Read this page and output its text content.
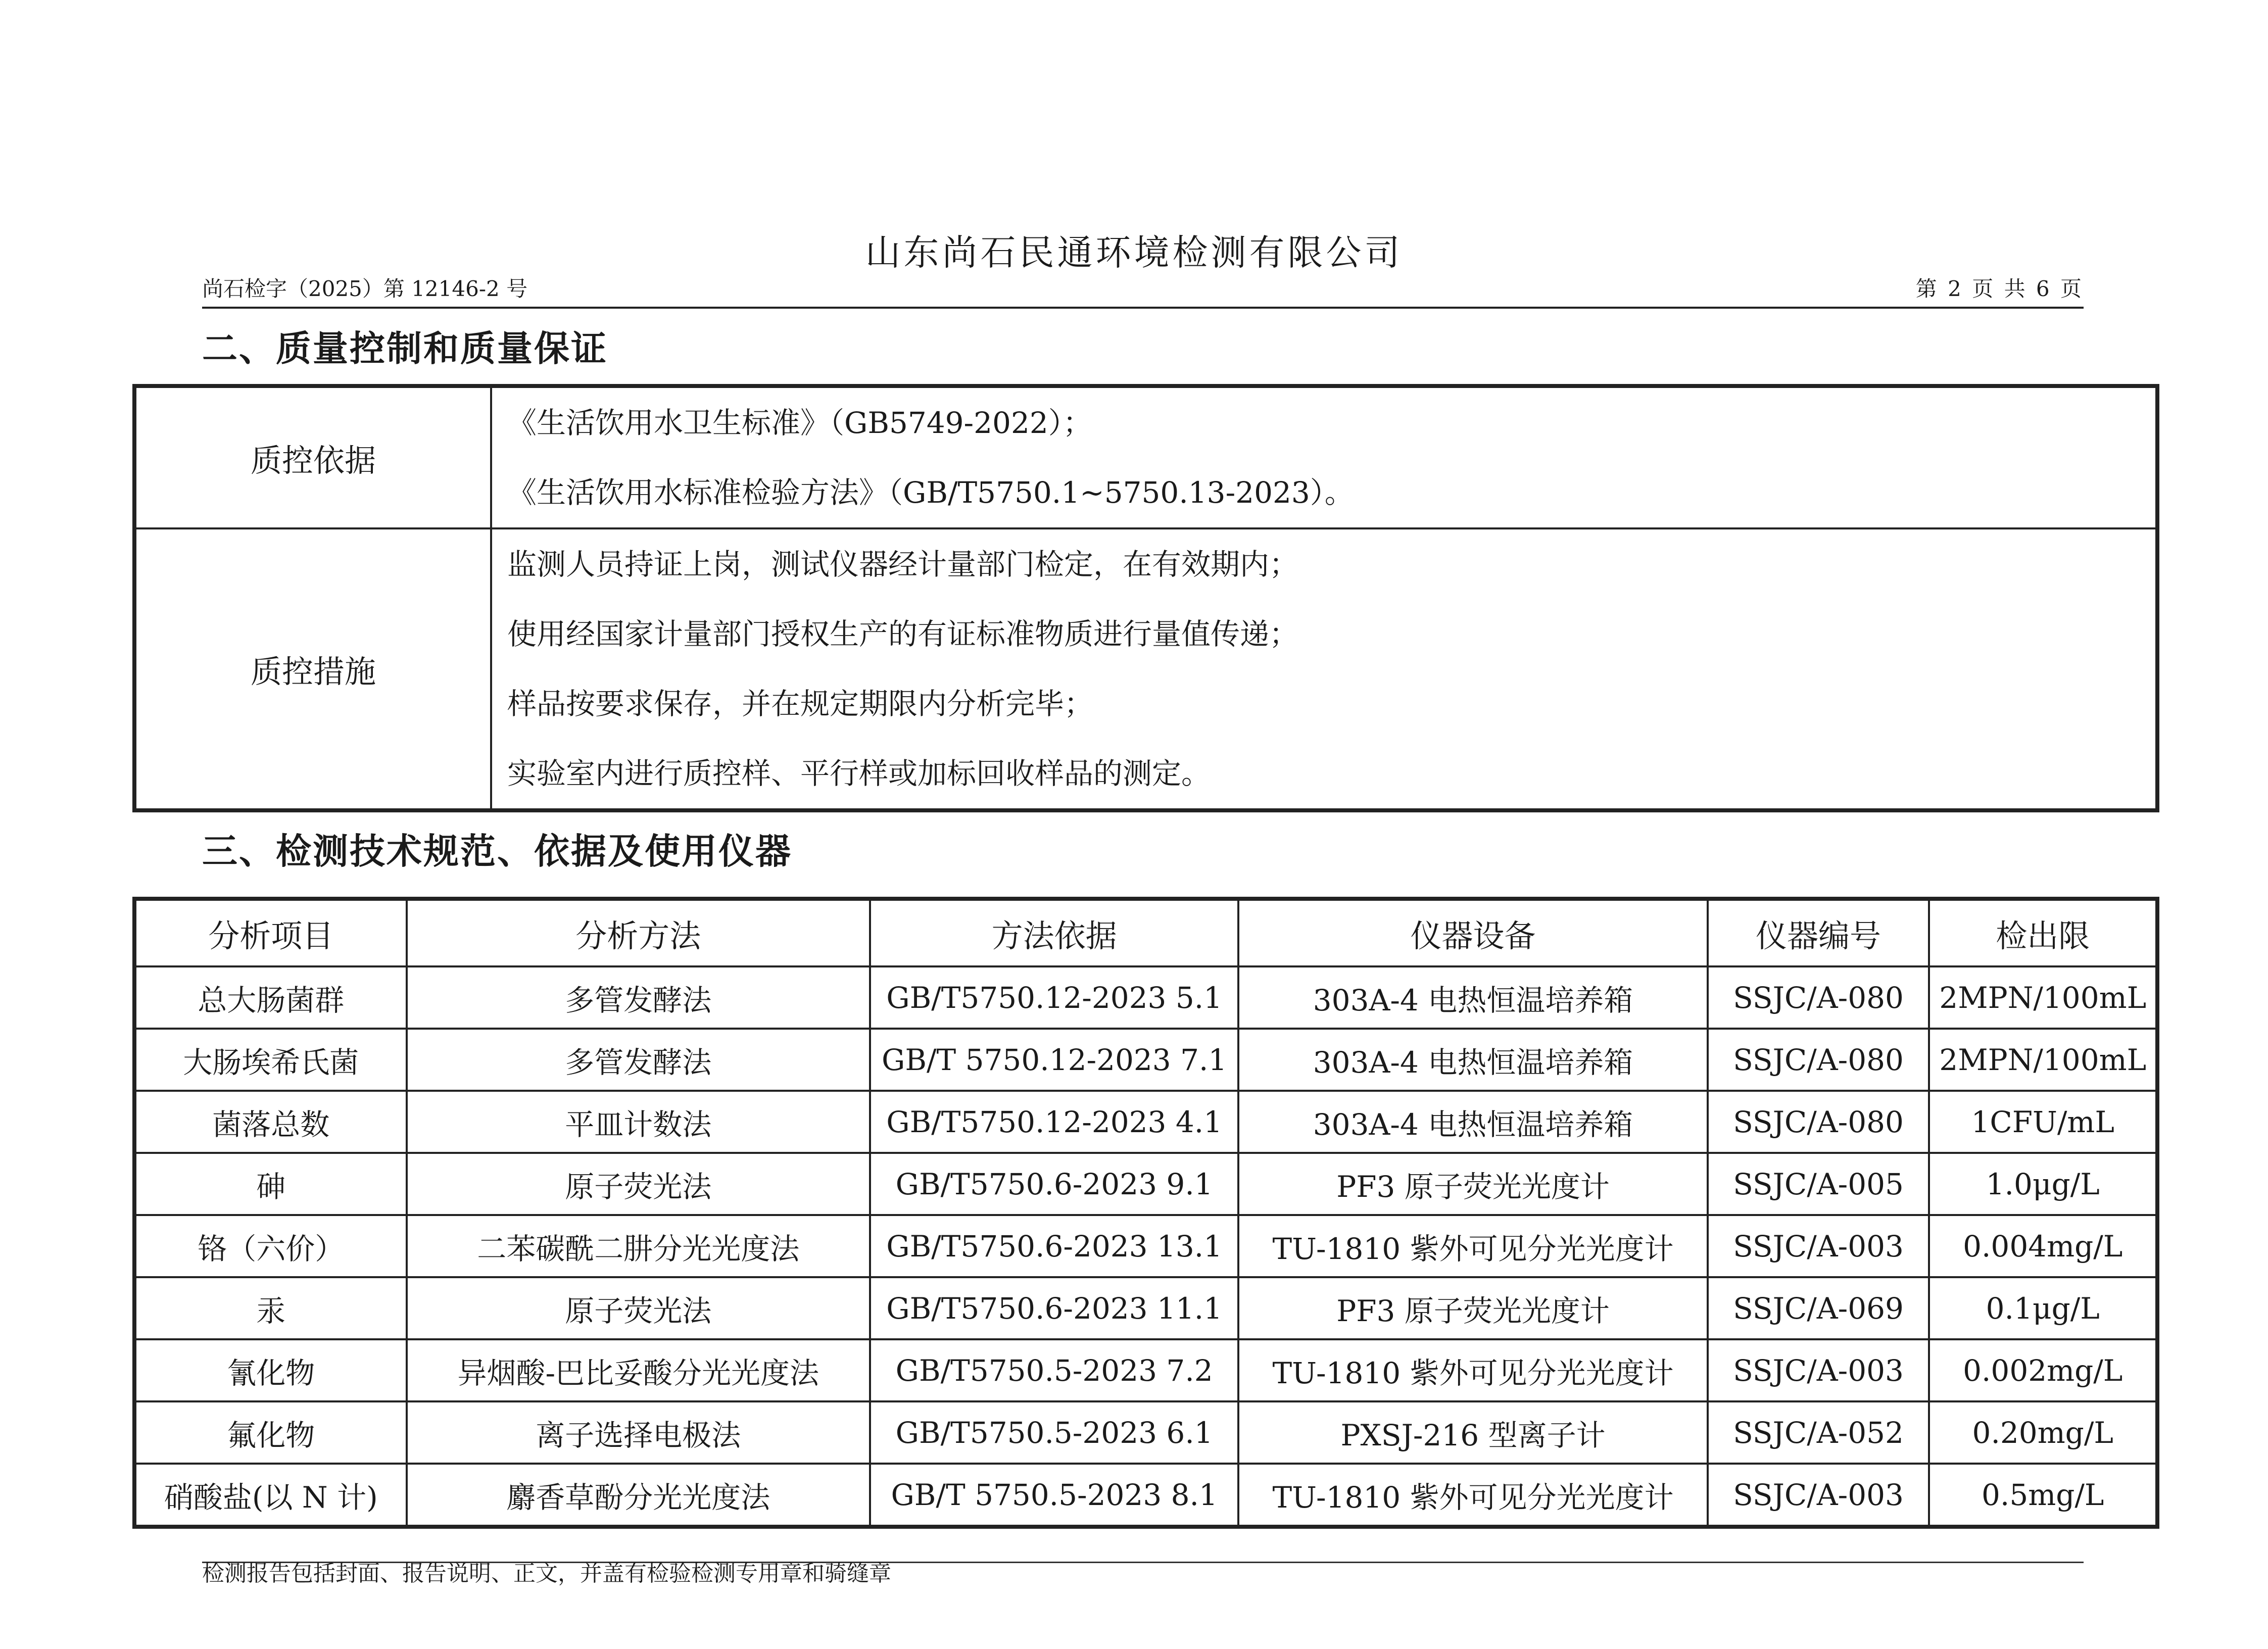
山东尚石民通环境检测有限公司
尚石检字（2025）第 12146-2 号	第 2 页 共 6 页
二、质量控制和质量保证
质控依据	《生活饮用水卫生标准》（GB5749-2022）；
《生活饮用水标准检验方法》（GB/T5750.1~5750.13-2023）。

质控措施	监测人员持证上岗，测试仪器经计量部门检定，在有效期内；
使用经国家计量部门授权生产的有证标准物质进行量值传递；
样品按要求保存，并在规定期限内分析完毕；
实验室内进行质控样、平行样或加标回收样品的测定。
三、检测技术规范、依据及使用仪器
分析项目	分析方法	方法依据	仪器设备	仪器编号	检出限
总大肠菌群	多管发酵法	GB/T5750.12-2023 5.1	303A-4 电热恒温培养箱	SSJC/A-080	2MPN/100mL
大肠埃希氏菌	多管发酵法	GB/T 5750.12-2023 7.1	303A-4 电热恒温培养箱	SSJC/A-080	2MPN/100mL
菌落总数	平皿计数法	GB/T5750.12-2023 4.1	303A-4 电热恒温培养箱	SSJC/A-080	1CFU/mL
砷	原子荧光法	GB/T5750.6-2023 9.1	PF3 原子荧光光度计	SSJC/A-005	1.0μg/L
铬（六价）	二苯碳酰二肼分光光度法	GB/T5750.6-2023 13.1	TU-1810 紫外可见分光光度计	SSJC/A-003	0.004mg/L
汞	原子荧光法	GB/T5750.6-2023 11.1	PF3 原子荧光光度计	SSJC/A-069	0.1μg/L
氰化物	异烟酸-巴比妥酸分光光度法	GB/T5750.5-2023 7.2	TU-1810 紫外可见分光光度计	SSJC/A-003	0.002mg/L
氟化物	离子选择电极法	GB/T5750.5-2023 6.1	PXSJ-216 型离子计	SSJC/A-052	0.20mg/L
硝酸盐(以 N 计)	麝香草酚分光光度法	GB/T 5750.5-2023 8.1	TU-1810 紫外可见分光光度计	SSJC/A-003	0.5mg/L
检测报告包括封面、报告说明、正文，并盖有检验检测专用章和骑缝章
